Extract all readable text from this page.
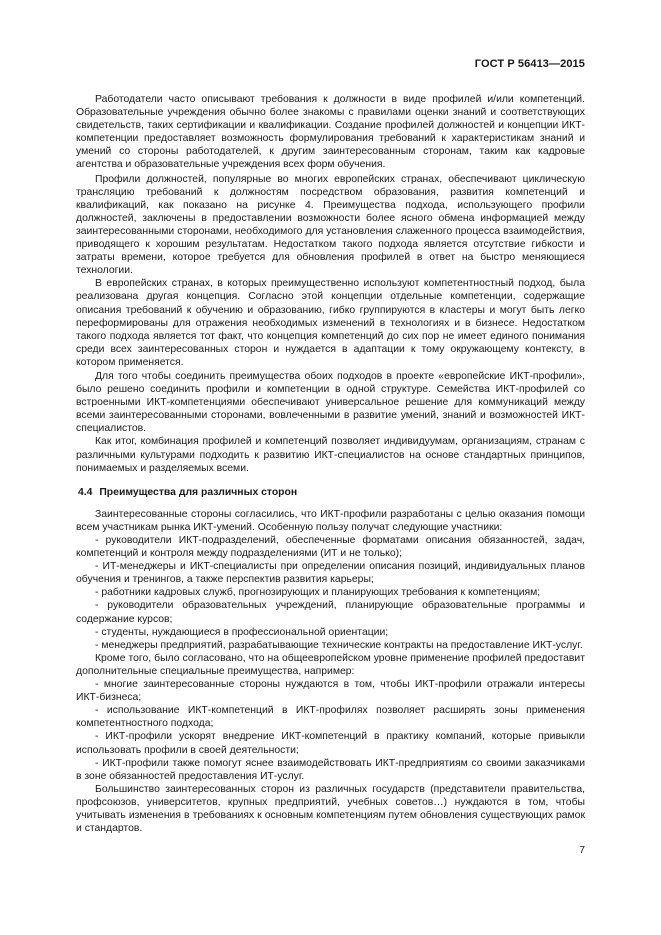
ГОСТ Р 56413—2015

Работодатели часто описывают требования к должности в виде профилей и/или компетенций. Образовательные учреждения обычно более знакомы с правилами оценки знаний и соответствующих свидетельств, таких сертификации и квалификации. Создание профилей должностей и концепции ИКТ-компетенции предоставляет возможность формулирования требований к характеристикам знаний и умений со стороны работодателей, к другим заинтересованным сторонам, таким как кадровые агентства и образовательные учреждения всех форм обучения.

Профили должностей, популярные во многих европейских странах, обеспечивают циклическую трансляцию требований к должностям посредством образования, развития компетенций и квалификаций, как показано на рисунке 4. Преимущества подхода, использующего профили должностей, заключены в предоставлении возможности более ясного обмена информацией между заинтересованными сторонами, необходимого для установления слаженного процесса взаимодействия, приводящего к хорошим результатам. Недостатком такого подхода является отсутствие гибкости и затраты времени, которое требуется для обновления профилей в ответ на быстро меняющиеся технологии.

В европейских странах, в которых преимущественно используют компетентностный подход, была реализована другая концепция. Согласно этой концепции отдельные компетенции, содержащие описания требований к обучению и образованию, гибко группируются в кластеры и могут быть легко переформированы для отражения необходимых изменений в технологиях и в бизнесе. Недостатком такого подхода является тот факт, что концепция компетенций до сих пор не имеет единого понимания среди всех заинтересованных сторон и нуждается в адаптации к тому окружающему контексту, в котором применяется.

Для того чтобы соединить преимущества обоих подходов в проекте «европейские ИКТ-профили», было решено соединить профили и компетенции в одной структуре. Семейства ИКТ-профилей со встроенными ИКТ-компетенциями обеспечивают универсальное решение для коммуникаций между всеми заинтересованными сторонами, вовлеченными в развитие умений, знаний и возможностей ИКТ-специалистов.

Как итог, комбинация профилей и компетенций позволяет индивидуумам, организациям, странам с различными культурами подходить к развитию ИКТ-специалистов на основе стандартных принципов, понимаемых и разделяемых всеми.

4.4 Преимущества для различных сторон

Заинтересованные стороны согласились, что ИКТ-профили разработаны с целью оказания помощи всем участникам рынка ИКТ-умений. Особенную пользу получат следующие участники:

- руководители ИКТ-подразделений, обеспеченные форматами описания обязанностей, задач, компетенций и контроля между подразделениями (ИТ и не только);

- ИТ-менеджеры и ИКТ-специалисты при определении описания позиций, индивидуальных планов обучения и тренингов, а также перспектив развития карьеры;

- работники кадровых служб, прогнозирующих и планирующих требования к компетенциям;

- руководители образовательных учреждений, планирующие образовательные программы и содержание курсов;

- студенты, нуждающиеся в профессиональной ориентации;

- менеджеры предприятий, разрабатывающие технические контракты на предоставление ИКТ-услуг.

Кроме того, было согласовано, что на общеевропейском уровне применение профилей предоставит дополнительные специальные преимущества, например:

- многие заинтересованные стороны нуждаются в том, чтобы ИКТ-профили отражали интересы ИКТ-бизнеса;

- использование ИКТ-компетенций в ИКТ-профилях позволяет расширять зоны применения компетентностного подхода;

- ИКТ-профили ускорят внедрение ИКТ-компетенций в практику компаний, которые привыкли использовать профили в своей деятельности;

- ИКТ-профили также помогут яснее взаимодействовать ИКТ-предприятиям со своими заказчиками в зоне обязанностей предоставления ИТ-услуг.

Большинство заинтересованных сторон из различных государств (представители правительства, профсоюзов, университетов, крупных предприятий, учебных советов…) нуждаются в том, чтобы учитывать изменения в требованиях к основным компетенциям путем обновления существующих рамок и стандартов.

7
